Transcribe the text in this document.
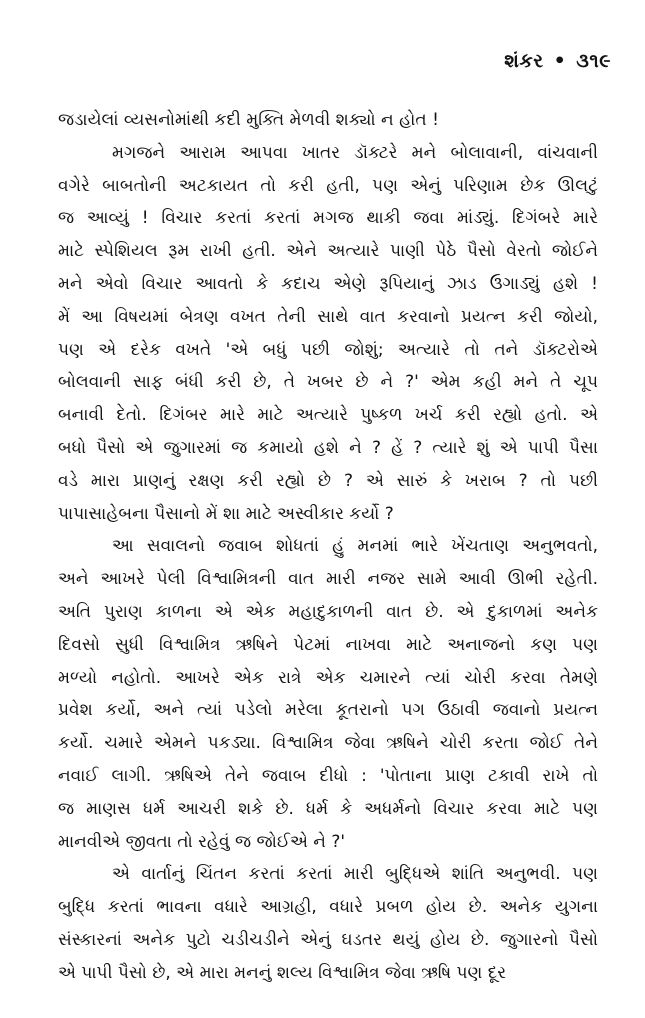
શંકર • ૩૧૯
જડાયેલાં વ્યસનોમાંથી કદી મુક્તિ મેળવી શક્યો ન હોત !
મગજને આરામ આપવા ખાતર ડૉક્ટરે મને બોલાવાની, વાંચવાની
વગેરે બાબતોની અટકાયત તો કરી હતી, પણ એનું પરિણામ છેક ઊલટું
જ આવ્યું ! વિચાર કરતાં કરતાં મગજ થાકી જવા માંડ્યું. દિગંબરે મારે
માટે સ્પેશિયલ રૂમ રાખી હતી. એને અત્યારે પાણી પેઠે પૈસો વેરતો જોઈને
મને એવો વિચાર આવતો કે કદાચ એણે રૂપિયાનું ઝાડ ઉગાડ્યું હશે !
મેં આ વિષયમાં બેત્રણ વખત તેની સાથે વાત કરવાનો પ્રયત્ન કરી જોયો,
પણ એ દરેક વખતે 'એ બધું પછી જોશું; અત્યારે તો તને ડૉક્ટરોએ
બોલવાની સાફ બંધી કરી છે, તે ખબર છે ને ?' એમ કહી મને તે ચૂપ
બનાવી દેતો. દિગંબર મારે માટે અત્યારે પુષ્કળ ખર્ચ કરી રહ્યો હતો. એ
બધો પૈસો એ જુગારમાં જ કમાયો હશે ને ? હેં ? ત્યારે શું એ પાપી પૈસા
વડે મારા પ્રાણનું રક્ષણ કરી રહ્યો છે ? એ સારું કે ખરાબ ? તો પછી
પાપાસાહેબના પૈસાનો મેં શા માટે અસ્વીકાર કર્યો ?
આ સવાલનો જવાબ શોધતાં હું મનમાં ભારે ખેંચતાણ અનુભવતો,
અને આખરે પેલી વિશ્વામિત્રની વાત મારી નજર સામે આવી ઊભી રહેતી.
અતિ પુરાણ કાળના એ એક મહાદુકાળની વાત છે. એ દુકાળમાં અનેક
દિવસો સુધી વિશ્વામિત્ર ઋષિને પેટમાં નાખવા માટે અનાજનો કણ પણ
મળ્યો નહોતો. આખરે એક રાત્રે એક ચમારને ત્યાં ચોરી કરવા તેમણે
પ્રવેશ કર્યો, અને ત્યાં પડેલો મરેલા કૂતરાનો પગ ઉઠાવી જવાનો પ્રયત્ન
કર્યો. ચમારે એમને પકડ્યા. વિશ્વામિત્ર જેવા ઋષિને ચોરી કરતા જોઈ તેને
નવાઈ લાગી. ઋષિએ તેને જવાબ દીધો : 'પોતાના પ્રાણ ટકાવી રાખે તો
જ માણસ ધર્મ આચરી શકે છે. ધર્મ કે અધર્મનો વિચાર કરવા માટે પણ
માનવીએ જીવતા તો રહેવું જ જોઈએ ને ?'
એ વાર્તાનું ચિંતન કરતાં કરતાં મારી બુદ્ધિએ શાંતિ અનુભવી. પણ
બુદ્ધિ કરતાં ભાવના વધારે આગ્રહી, વધારે પ્રબળ હોય છે. અનેક યુગના
સંસ્કારનાં અનેક પુટો ચડીચડીને એનું ઘડતર થયું હોય છે. જુગારનો પૈસો
એ પાપી પૈસો છે, એ મારા મનનું શલ્ય વિશ્વામિત્ર જેવા ઋષિ પણ દૂર
